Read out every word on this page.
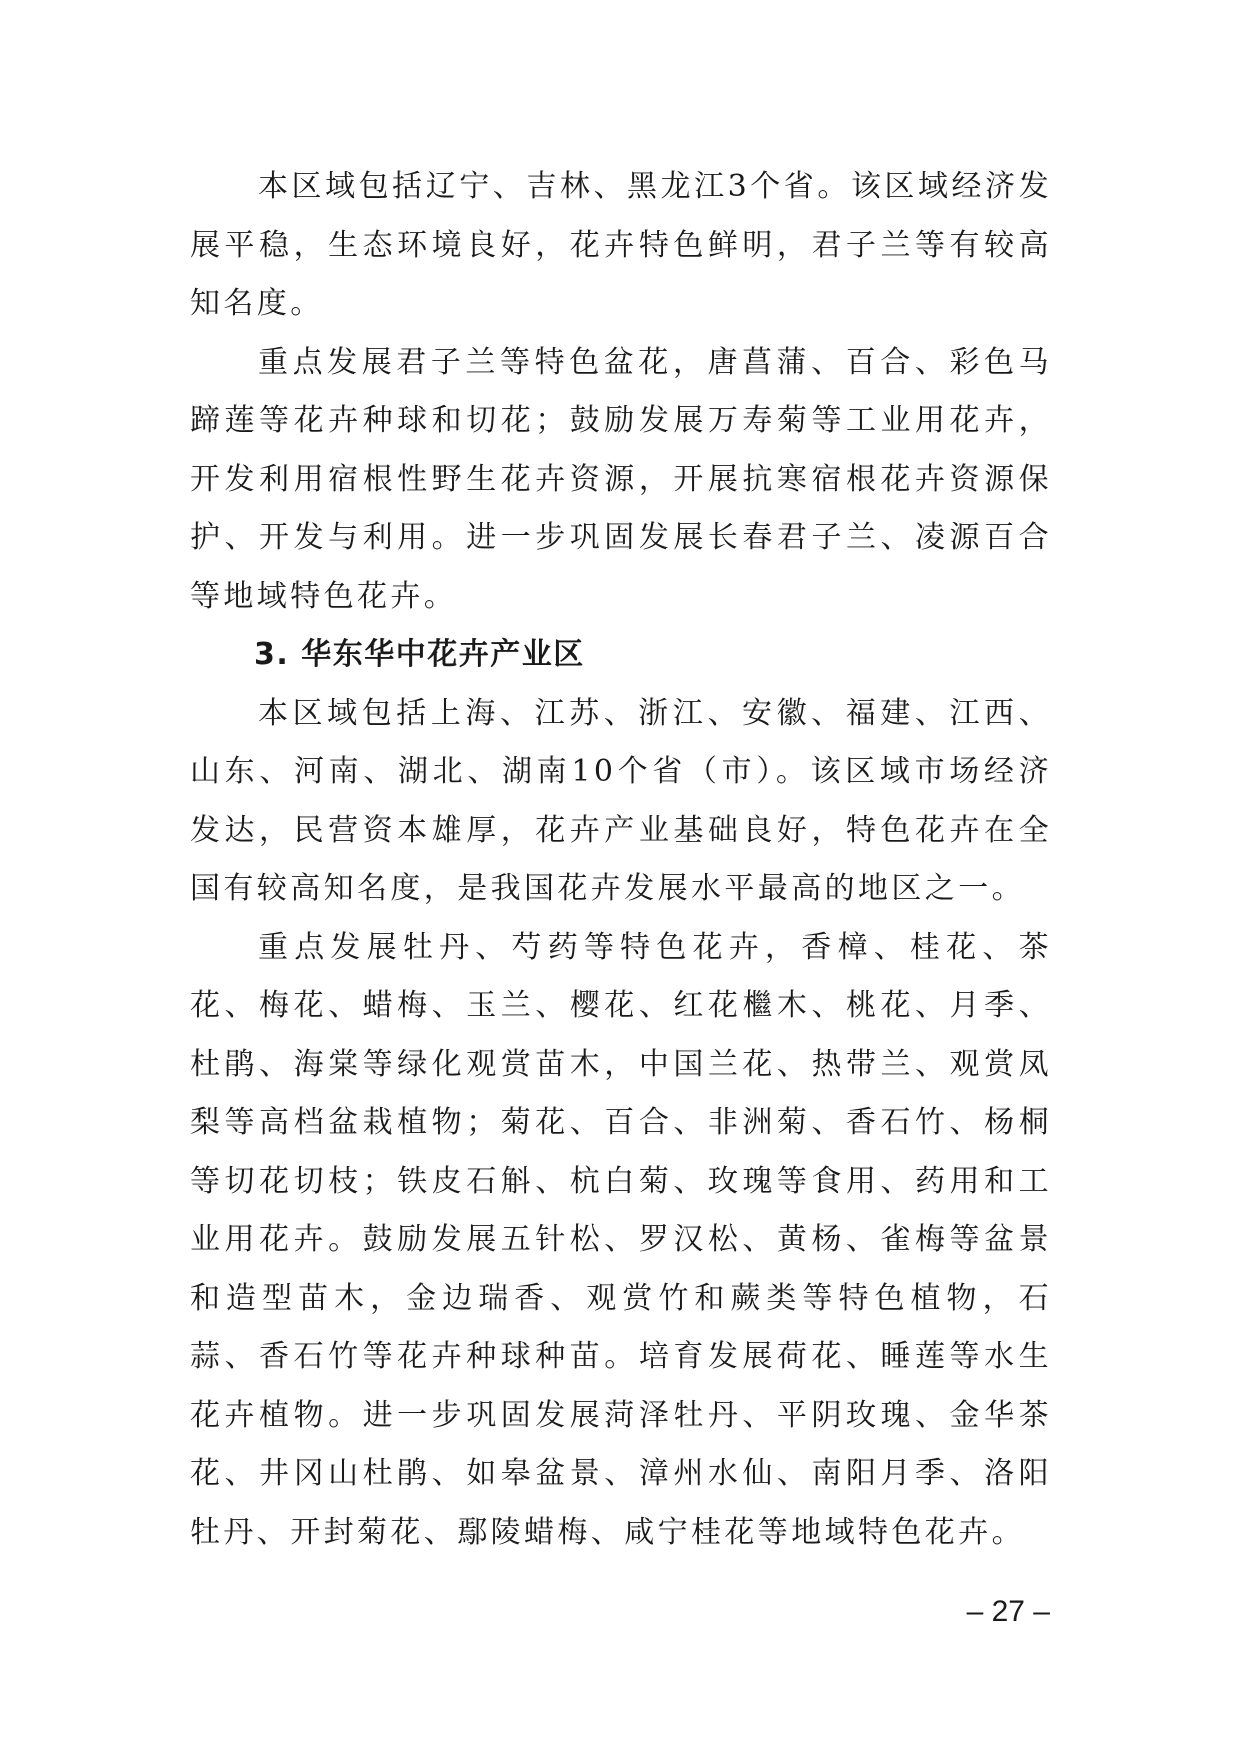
本区域包括辽宁、吉林、黑龙江3个省。该区域经济发展平稳，生态环境良好，花卉特色鲜明，君子兰等有较高知名度。

重点发展君子兰等特色盆花，唐菖蒲、百合、彩色马蹄莲等花卉种球和切花；鼓励发展万寿菊等工业用花卉，开发利用宿根性野生花卉资源，开展抗寒宿根花卉资源保护、开发与利用。进一步巩固发展长春君子兰、凌源百合等地域特色花卉。

3. 华东华中花卉产业区

本区域包括上海、江苏、浙江、安徽、福建、江西、山东、河南、湖北、湖南10个省（市）。该区域市场经济发达，民营资本雄厚，花卉产业基础良好，特色花卉在全国有较高知名度，是我国花卉发展水平最高的地区之一。

重点发展牡丹、芍药等特色花卉，香樟、桂花、茶花、梅花、蜡梅、玉兰、樱花、红花檵木、桃花、月季、杜鹃、海棠等绿化观赏苗木，中国兰花、热带兰、观赏凤梨等高档盆栽植物；菊花、百合、非洲菊、香石竹、杨桐等切花切枝；铁皮石斛、杭白菊、玫瑰等食用、药用和工业用花卉。鼓励发展五针松、罗汉松、黄杨、雀梅等盆景和造型苗木，金边瑞香、观赏竹和蕨类等特色植物，石蒜、香石竹等花卉种球种苗。培育发展荷花、睡莲等水生花卉植物。进一步巩固发展菏泽牡丹、平阴玫瑰、金华茶花、井冈山杜鹃、如皋盆景、漳州水仙、南阳月季、洛阳牡丹、开封菊花、鄢陵蜡梅、咸宁桂花等地域特色花卉。

– 27 –
